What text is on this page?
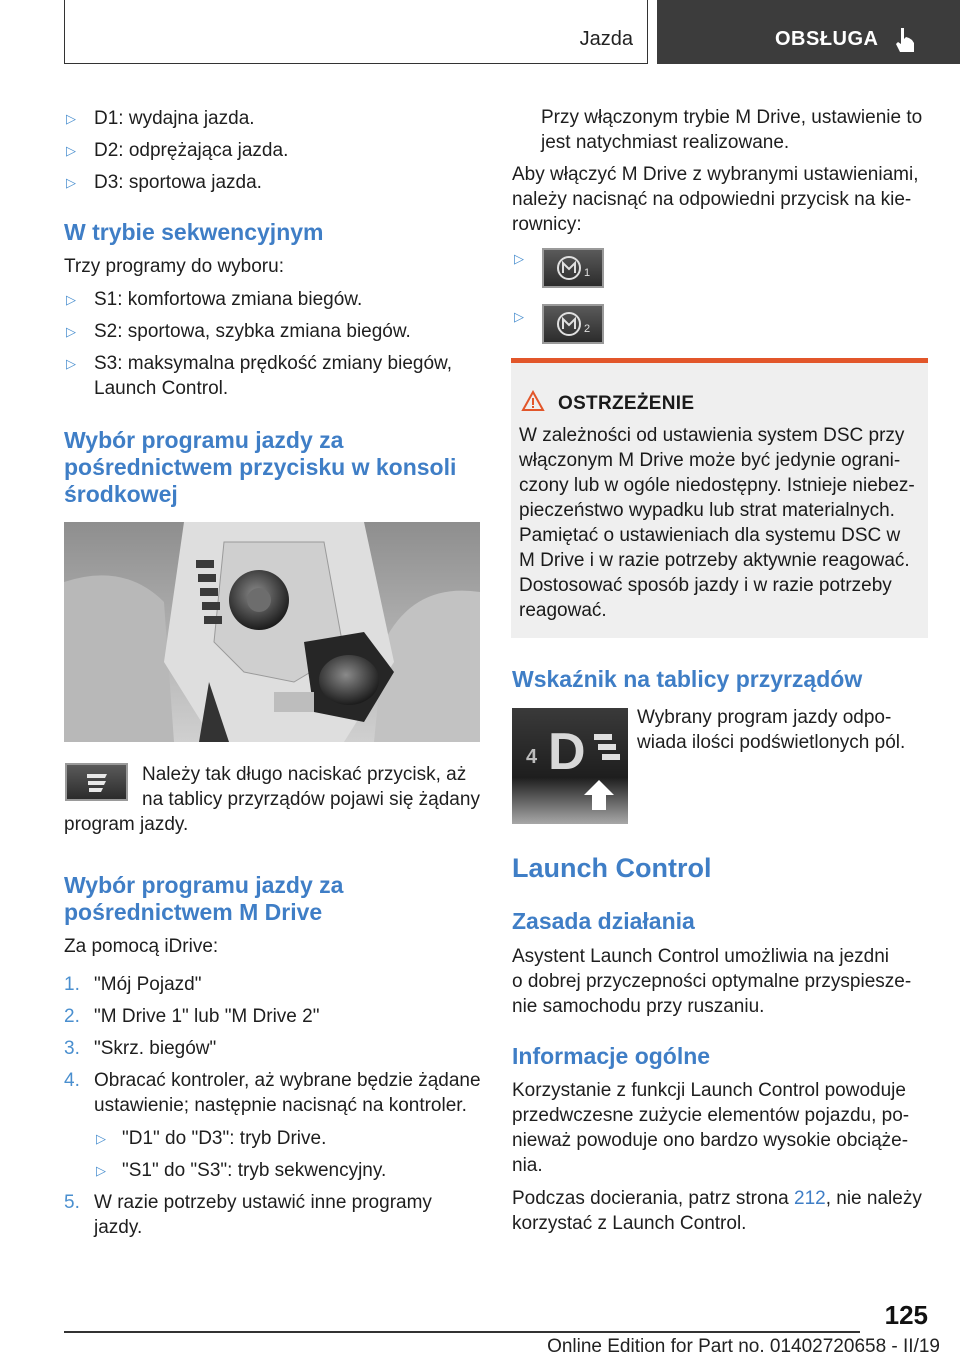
Jazda	OBSŁUGA
▷ D1: wydajna jazda.
▷ D2: odprężająca jazda.
▷ D3: sportowa jazda.
W trybie sekwencyjnym
Trzy programy do wyboru:
▷ S1: komfortowa zmiana biegów.
▷ S2: sportowa, szybka zmiana biegów.
▷ S3: maksymalna prędkość zmiany biegów,
Launch Control.
Wybór programu jazdy za
pośrednictwem przycisku w konsoli
środkowej
Należy tak długo naciskać przycisk, aż
na tablicy przyrządów pojawi się żądany
program jazdy.
Wybór programu jazdy za
pośrednictwem M Drive
Za pomocą iDrive:
1. "Mój Pojazd"
2. "M Drive 1" lub "M Drive 2"
3. "Skrz. biegów"
4. Obracać kontroler, aż wybrane będzie żądane
ustawienie; następnie nacisnąć na kontroler.
▷ "D1" do "D3": tryb Drive.
▷ "S1" do "S3": tryb sekwencyjny.
5. W razie potrzeby ustawić inne programy
jazdy.
Przy włączonym trybie M Drive, ustawienie to
jest natychmiast realizowane.
Aby włączyć M Drive z wybranymi ustawieniami,
należy nacisnąć na odpowiedni przycisk na kie-
rownicy:
▷
1
▷
2
OSTRZEŻENIE
W zależności od ustawienia system DSC przy
włączonym M Drive może być jedynie ograni-
czony lub w ogóle niedostępny. Istnieje niebez-
pieczeństwo wypadku lub strat materialnych.
Pamiętać o ustawieniach dla systemu DSC w
M Drive i w razie potrzeby aktywnie reagować.
Dostosować sposób jazdy i w razie potrzeby
reagować.
Wskaźnik na tablicy przyrządów
4 D
Wybrany program jazdy odpo-
wiada ilości podświetlonych pól.
Launch Control
Zasada działania
Asystent Launch Control umożliwia na jezdni
o dobrej przyczepności optymalne przyspiesze-
nie samochodu przy ruszaniu.
Informacje ogólne
Korzystanie z funkcji Launch Control powoduje
przedwczesne zużycie elementów pojazdu, po-
nieważ powoduje ono bardzo wysokie obciąże-
nia.
Podczas docierania, patrz strona 212, nie należy
korzystać z Launch Control.
125
Online Edition for Part no. 01402720658 - II/19
